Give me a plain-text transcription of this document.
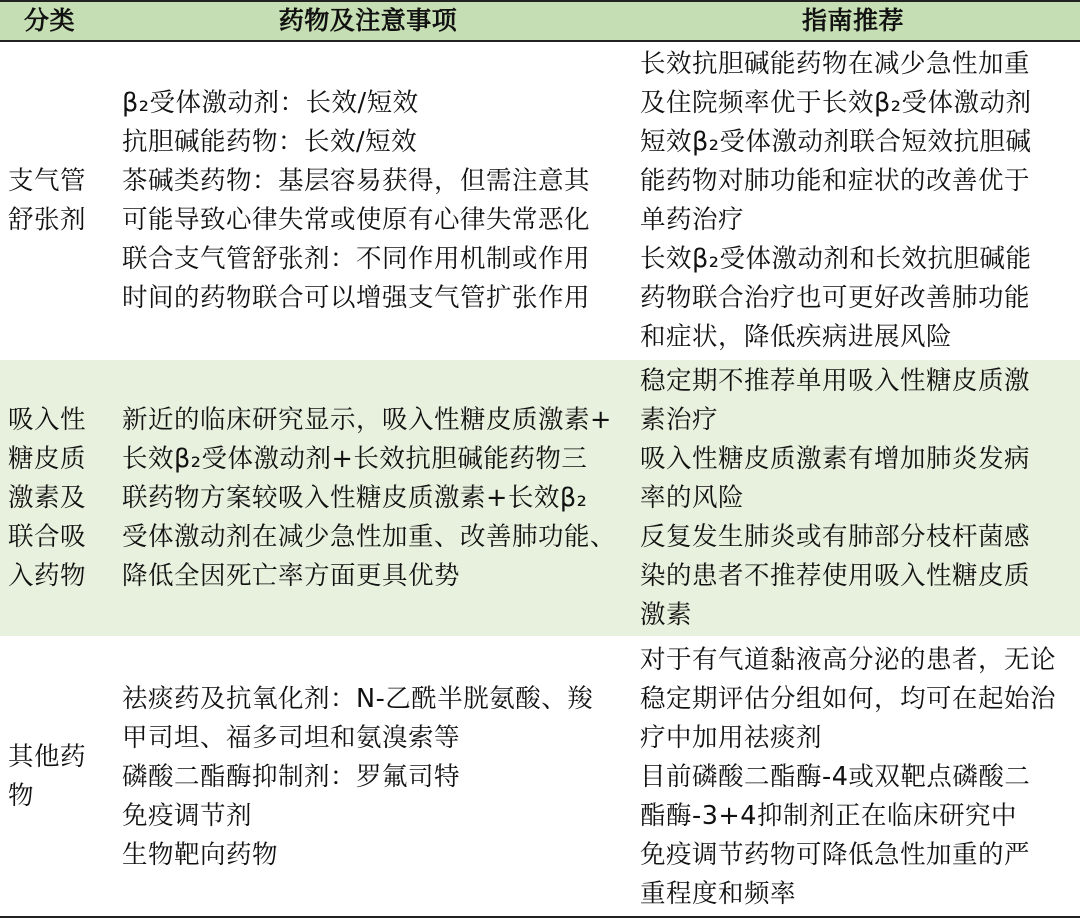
分类	药物及注意事项	指南推荐
支气管
舒张剂
β₂受体激动剂：长效/短效
抗胆碱能药物：长效/短效
茶碱类药物：基层容易获得，但需注意其
可能导致心律失常或使原有心律失常恶化
联合支气管舒张剂：不同作用机制或作用
时间的药物联合可以增强支气管扩张作用
长效抗胆碱能药物在减少急性加重
及住院频率优于长效β₂受体激动剂
短效β₂受体激动剂联合短效抗胆碱
能药物对肺功能和症状的改善优于
单药治疗
长效β₂受体激动剂和长效抗胆碱能
药物联合治疗也可更好改善肺功能
和症状，降低疾病进展风险
吸入性
糖皮质
激素及
联合吸
入药物
新近的临床研究显示，吸入性糖皮质激素+
长效β₂受体激动剂+长效抗胆碱能药物三
联药物方案较吸入性糖皮质激素+长效β₂
受体激动剂在减少急性加重、改善肺功能、
降低全因死亡率方面更具优势
稳定期不推荐单用吸入性糖皮质激
素治疗
吸入性糖皮质激素有增加肺炎发病
率的风险
反复发生肺炎或有肺部分枝杆菌感
染的患者不推荐使用吸入性糖皮质
激素
其他药
物
祛痰药及抗氧化剂：N-乙酰半胱氨酸、羧
甲司坦、福多司坦和氨溴索等
磷酸二酯酶抑制剂：罗氟司特
免疫调节剂
生物靶向药物
对于有气道黏液高分泌的患者，无论
稳定期评估分组如何，均可在起始治
疗中加用祛痰剂
目前磷酸二酯酶-4或双靶点磷酸二
酯酶-3+4抑制剂正在临床研究中
免疫调节药物可降低急性加重的严
重程度和频率
